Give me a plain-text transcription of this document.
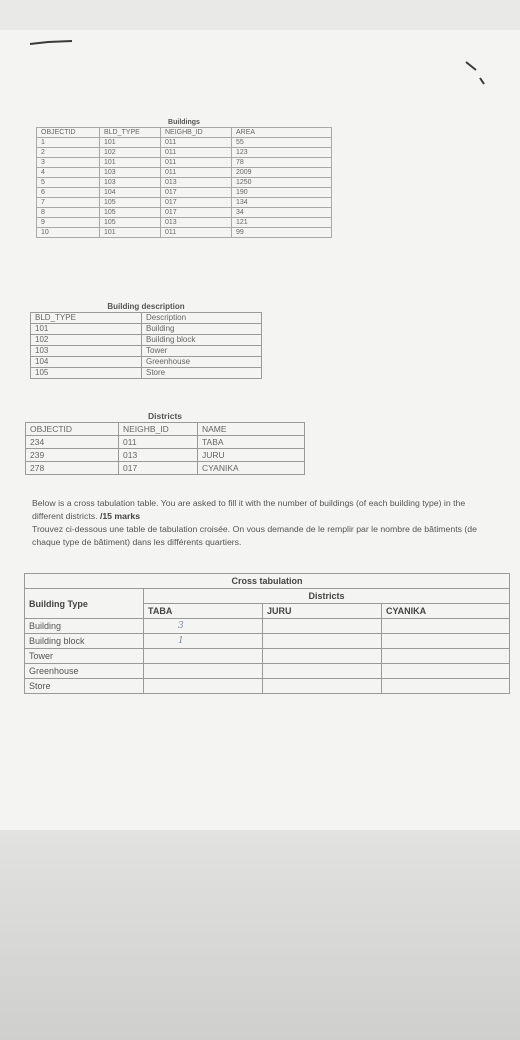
Buildings			
OBJECTID	BLD_TYPE	NEIGHB_ID	AREA
1	101	011	55
2	102	011	123
3	101	011	78
4	103	011	2009
5	103	013	1250
6	104	017	190
7	105	017	134
8	105	017	34
9	105	013	121
10	101	011	99
Building description	
BLD_TYPE	Description
101	Building
102	Building block
103	Tower
104	Greenhouse
105	Store
Districts		
OBJECTID	NEIGHB_ID	NAME
234	011	TABA
239	013	JURU
278	017	CYANIKA

Below is a cross tabulation table. You are asked to fill it with the number of buildings (of each building type) in the different districts. /15 marks

Trouvez ci-dessous une table de tabulation croisée. On vous demande de le remplir par le nombre de bâtiments (de chaque type de bâtiment) dans les différents quartiers.

Cross tabulation			
Building Type	Districts		
	TABA	JURU	CYANIKA
Building	3		
Building block	1		
Tower			
Greenhouse			
Store			
